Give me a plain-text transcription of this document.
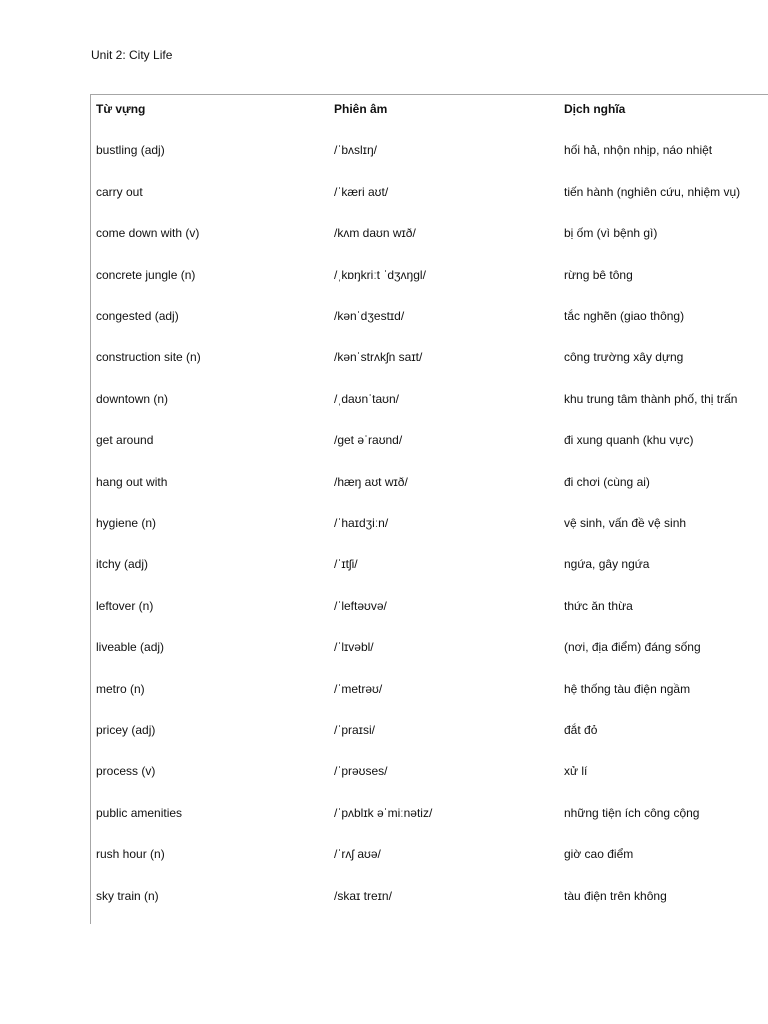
Unit 2: City Life
Từ vựng	Phiên âm	Dịch nghĩa
bustling (adj)	/ˈbʌslɪŋ/	hối hả, nhộn nhịp, náo nhiệt
carry out	/ˈkæri aʊt/	tiến hành (nghiên cứu, nhiệm vụ)
come down with (v)	/kʌm daʊn wɪð/	bị ốm (vì bệnh gì)
concrete jungle (n)	/ˌkɒŋkriːt ˈdʒʌŋgl/	rừng bê tông
congested (adj)	/kənˈdʒestɪd/	tắc nghẽn (giao thông)
construction site (n)	/kənˈstrʌkʃn saɪt/	công trường xây dựng
downtown (n)	/ˌdaʊnˈtaʊn/	khu trung tâm thành phố, thị trấn
get around	/get əˈraʊnd/	đi xung quanh (khu vực)
hang out with	/hæŋ aʊt wɪð/	đi chơi (cùng ai)
hygiene (n)	/ˈhaɪdʒiːn/	vệ sinh, vấn đề vệ sinh
itchy (adj)	/ˈɪtʃi/	ngứa, gây ngứa
leftover (n)	/ˈleftəʊvə/	thức ăn thừa
liveable (adj)	/ˈlɪvəbl/	(nơi, địa điểm) đáng sống
metro (n)	/ˈmetrəʊ/	hệ thống tàu điện ngầm
pricey (adj)	/ˈpraɪsi/	đắt đỏ
process (v)	/ˈprəʊses/	xử lí
public amenities	/ˈpʌblɪk əˈmiːnətiz/	những tiện ích công cộng
rush hour (n)	/ˈrʌʃ aʊə/	giờ cao điểm
sky train (n)	/skaɪ treɪn/	tàu điện trên không
